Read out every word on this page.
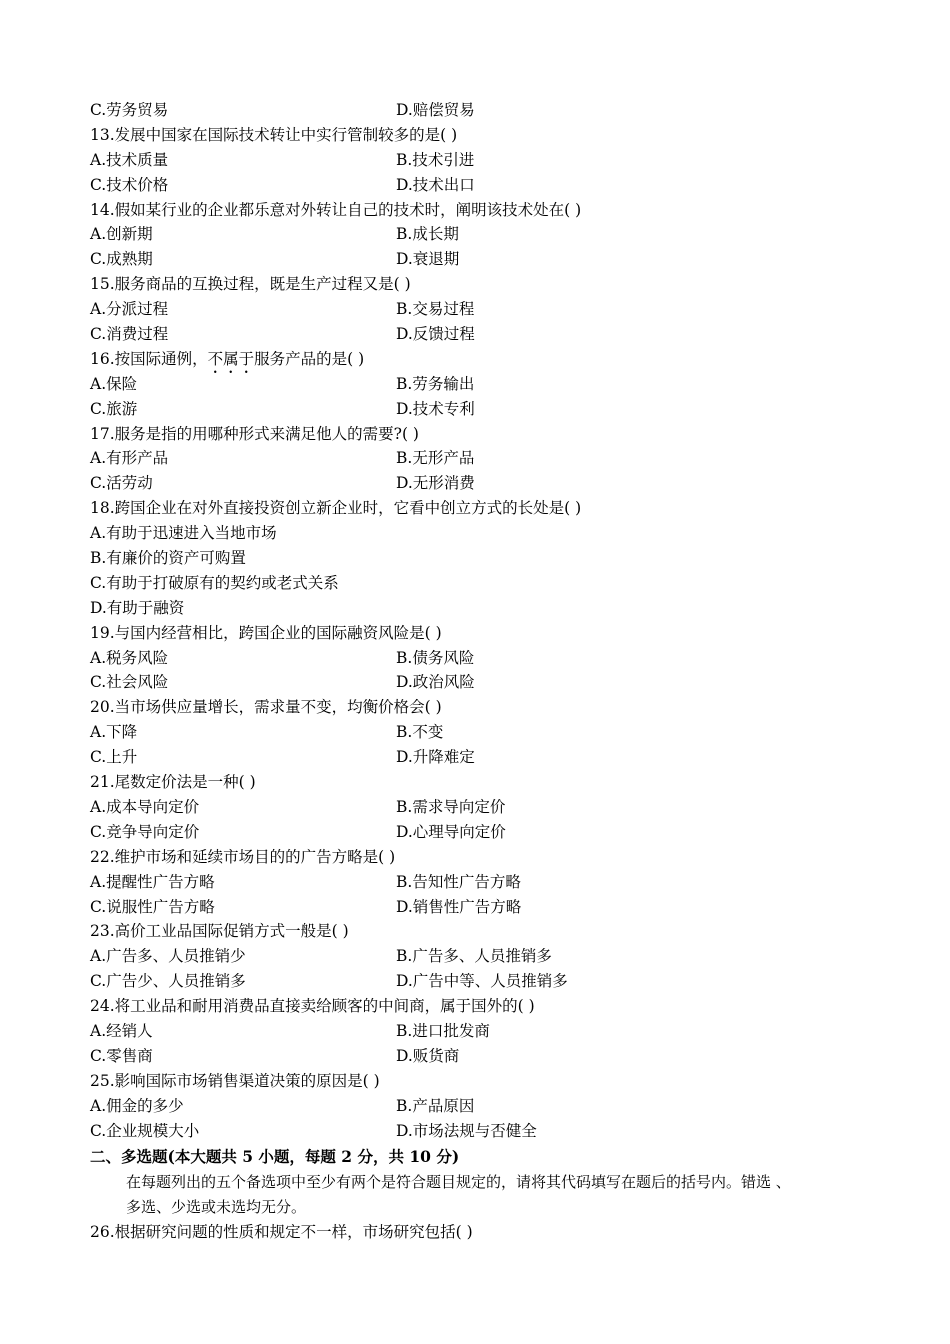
C.劳务贸易	D.赔偿贸易
13.发展中国家在国际技术转让中实行管制较多的是( )
A.技术质量	B.技术引进
C.技术价格	D.技术出口
14.假如某行业的企业都乐意对外转让自己的技术时，阐明该技术处在( )
A.创新期	B.成长期
C.成熟期	D.衰退期
15.服务商品的互换过程，既是生产过程又是( )
A.分派过程	B.交易过程
C.消费过程	D.反馈过程
16.按国际通例，不属于服务产品的是( )
A.保险	B.劳务输出
C.旅游	D.技术专利
17.服务是指的用哪种形式来满足他人的需要?( )
A.有形产品	B.无形产品
C.活劳动	D.无形消费
18.跨国企业在对外直接投资创立新企业时，它看中创立方式的长处是( )
A.有助于迅速进入当地市场
B.有廉价的资产可购置
C.有助于打破原有的契约或老式关系
D.有助于融资
19.与国内经营相比，跨国企业的国际融资风险是( )
A.税务风险	B.债务风险
C.社会风险	D.政治风险
20.当市场供应量增长，需求量不变，均衡价格会( )
A.下降	B.不变
C.上升	D.升降难定
21.尾数定价法是一种( )
A.成本导向定价	B.需求导向定价
C.竞争导向定价	D.心理导向定价
22.维护市场和延续市场目的的广告方略是( )
A.提醒性广告方略	B.告知性广告方略
C.说服性广告方略	D.销售性广告方略
23.高价工业品国际促销方式一般是( )
A.广告多、人员推销少	B.广告多、人员推销多
C.广告少、人员推销多	D.广告中等、人员推销多
24.将工业品和耐用消费品直接卖给顾客的中间商，属于国外的( )
A.经销人	B.进口批发商
C.零售商	D.贩货商
25.影响国际市场销售渠道决策的原因是( )
A.佣金的多少	B.产品原因
C.企业规模大小	D.市场法规与否健全
二、多选题(本大题共 5 小题，每题 2 分，共 10 分)
在每题列出的五个备选项中至少有两个是符合题目规定的，请将其代码填写在题后的括号内。错选 、
多选、少选或未选均无分。
26.根据研究问题的性质和规定不一样，市场研究包括( )
